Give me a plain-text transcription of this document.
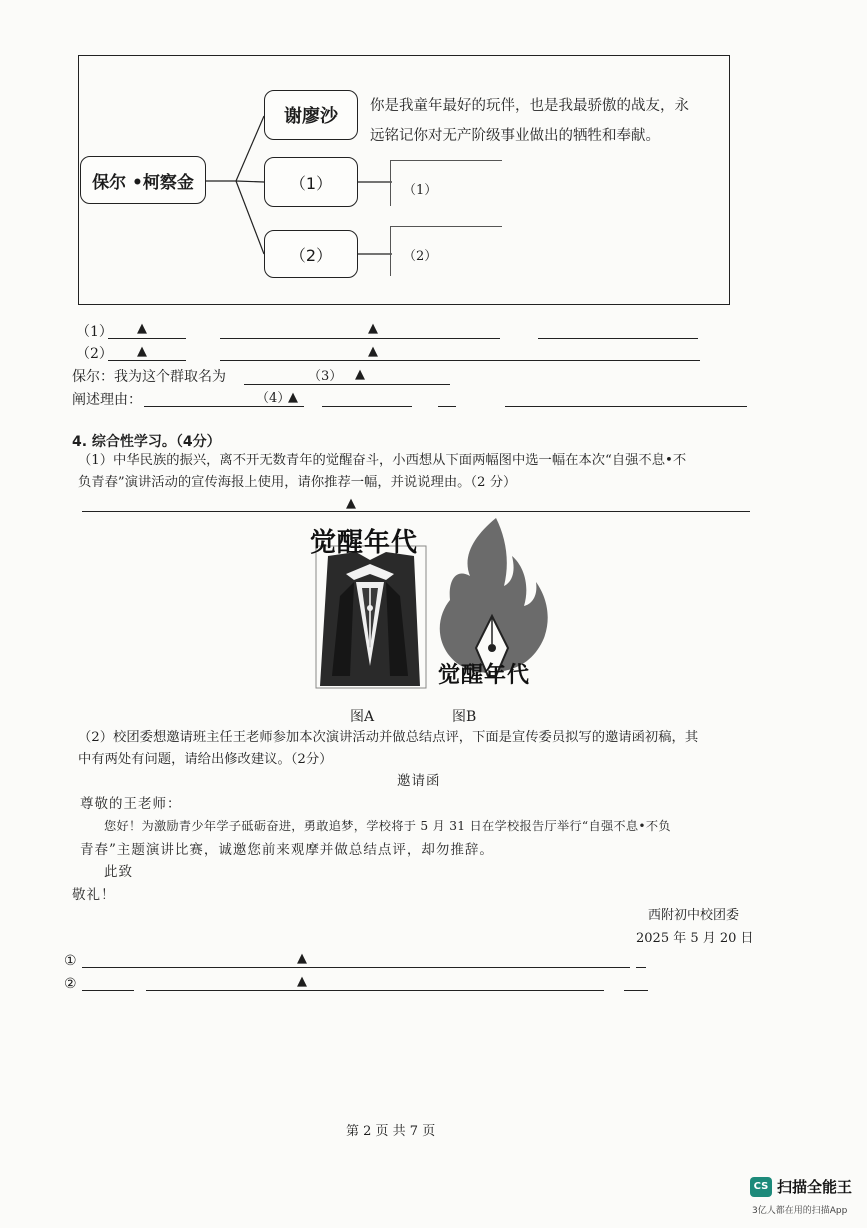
保尔 •柯察金
谢廖沙
（1）
（2）
你是我童年最好的玩伴，也是我最骄傲的战友，永
远铭记你对无产阶级事业做出的牺牲和奉献。
（1）
（2）
（1） ▲	▲
（2） ▲	▲
保尔：我为这个群取名为	（3） ▲
阐述理由：	（4）
▲
4. 综合性学习。（4分）
（1）中华民族的振兴，离不开无数青年的觉醒奋斗，小西想从下面两幅图中选一幅在本次“自强不息•不
负青春”演讲活动的宣传海报上使用，请你推荐一幅，并说说理由。（2 分）
▲
觉醒年代
觉醒年代
图A	图B
（2）校团委想邀请班主任王老师参加本次演讲活动并做总结点评，下面是宣传委员拟写的邀请函初稿，其
中有两处有问题，请给出修改建议。（2分）
邀请函
尊敬的王老师：
您好！为激励青少年学子砥砺奋进，勇敢追梦，学校将于 5 月 31 日在学校报告厅举行“自强不息•不负
青春”主题演讲比赛，诚邀您前来观摩并做总结点评，却勿推辞。
此致
敬礼！
西附初中校团委
2025 年 5 月 20 日
①	▲
②	▲
第 2 页 共 7 页
CS 扫描全能王
3亿人都在用的扫描App
